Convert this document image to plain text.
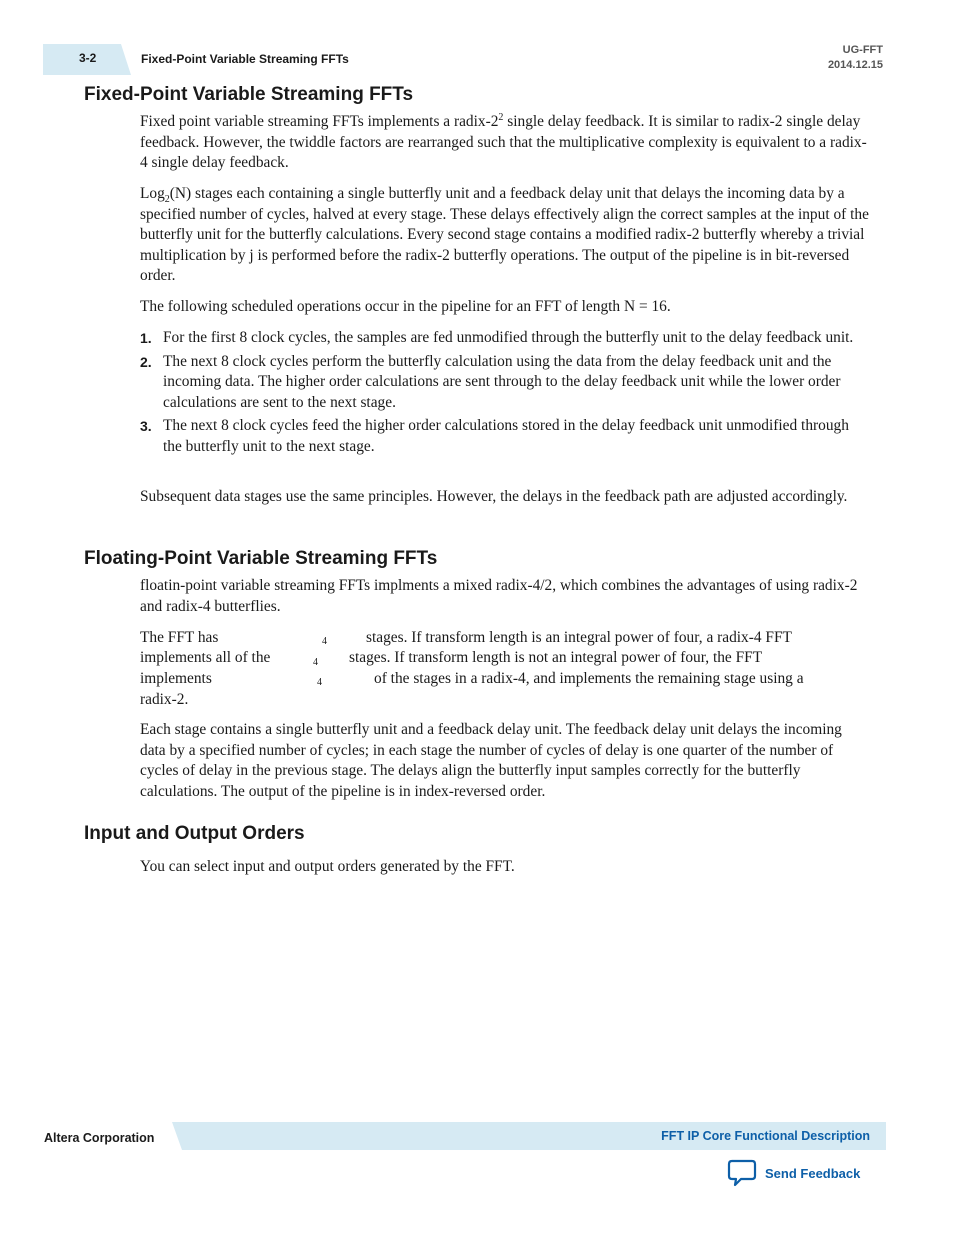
3-2	Fixed-Point Variable Streaming FFTs
UG-FFT
2014.12.15
Fixed-Point Variable Streaming FFTs

Fixed point variable streaming FFTs implements a radix-$2^2$ single delay feedback. It is similar to radix-2 single delay feedback. However, the twiddle factors are rearranged such that the multiplicative complexity is equivalent to a radix-4 single delay feedback.

Log$_2$(N) stages each containing a single butterfly unit and a feedback delay unit that delays the incoming data by a specified number of cycles, halved at every stage. These delays effectively align the correct samples at the input of the butterfly unit for the butterfly calculations. Every second stage contains a modified radix-2 butterfly whereby a trivial multiplication by j is performed before the radix-2 butterfly operations. The output of the pipeline is in bit-reversed order.

The following scheduled operations occur in the pipeline for an FFT of length N = 16.

1. For the first 8 clock cycles, the samples are fed unmodified through the butterfly unit to the delay feedback unit.
2. The next 8 clock cycles perform the butterfly calculation using the data from the delay feedback unit and the incoming data. The higher order calculations are sent through to the delay feedback unit while the lower order calculations are sent to the next stage.
3. The next 8 clock cycles feed the higher order calculations stored in the delay feedback unit unmodified through the butterfly unit to the next stage.

Subsequent data stages use the same principles. However, the delays in the feedback path are adjusted accordingly.

Floating-Point Variable Streaming FFTs

floatin-point variable streaming FFTs implments a mixed radix-4/2, which combines the advantages of using radix-2 and radix-4 butterflies.

The FFT has	4	stages. If transform length is an integral power of four, a radix-4 FFT
implements all of the	4 stages. If transform length is not an integral power of four, the FFT
implements	4	of the stages in a radix-4, and implements the remaining stage using a
radix-2.

Each stage contains a single butterfly unit and a feedback delay unit. The feedback delay unit delays the incoming data by a specified number of cycles; in each stage the number of cycles of delay is one quarter of the number of cycles of delay in the previous stage. The delays align the butterfly input samples correctly for the butterfly calculations. The output of the pipeline is in index-reversed order.

Input and Output Orders

You can select input and output orders generated by the FFT.

Altera Corporation	FFT IP Core Functional Description
Send Feedback
